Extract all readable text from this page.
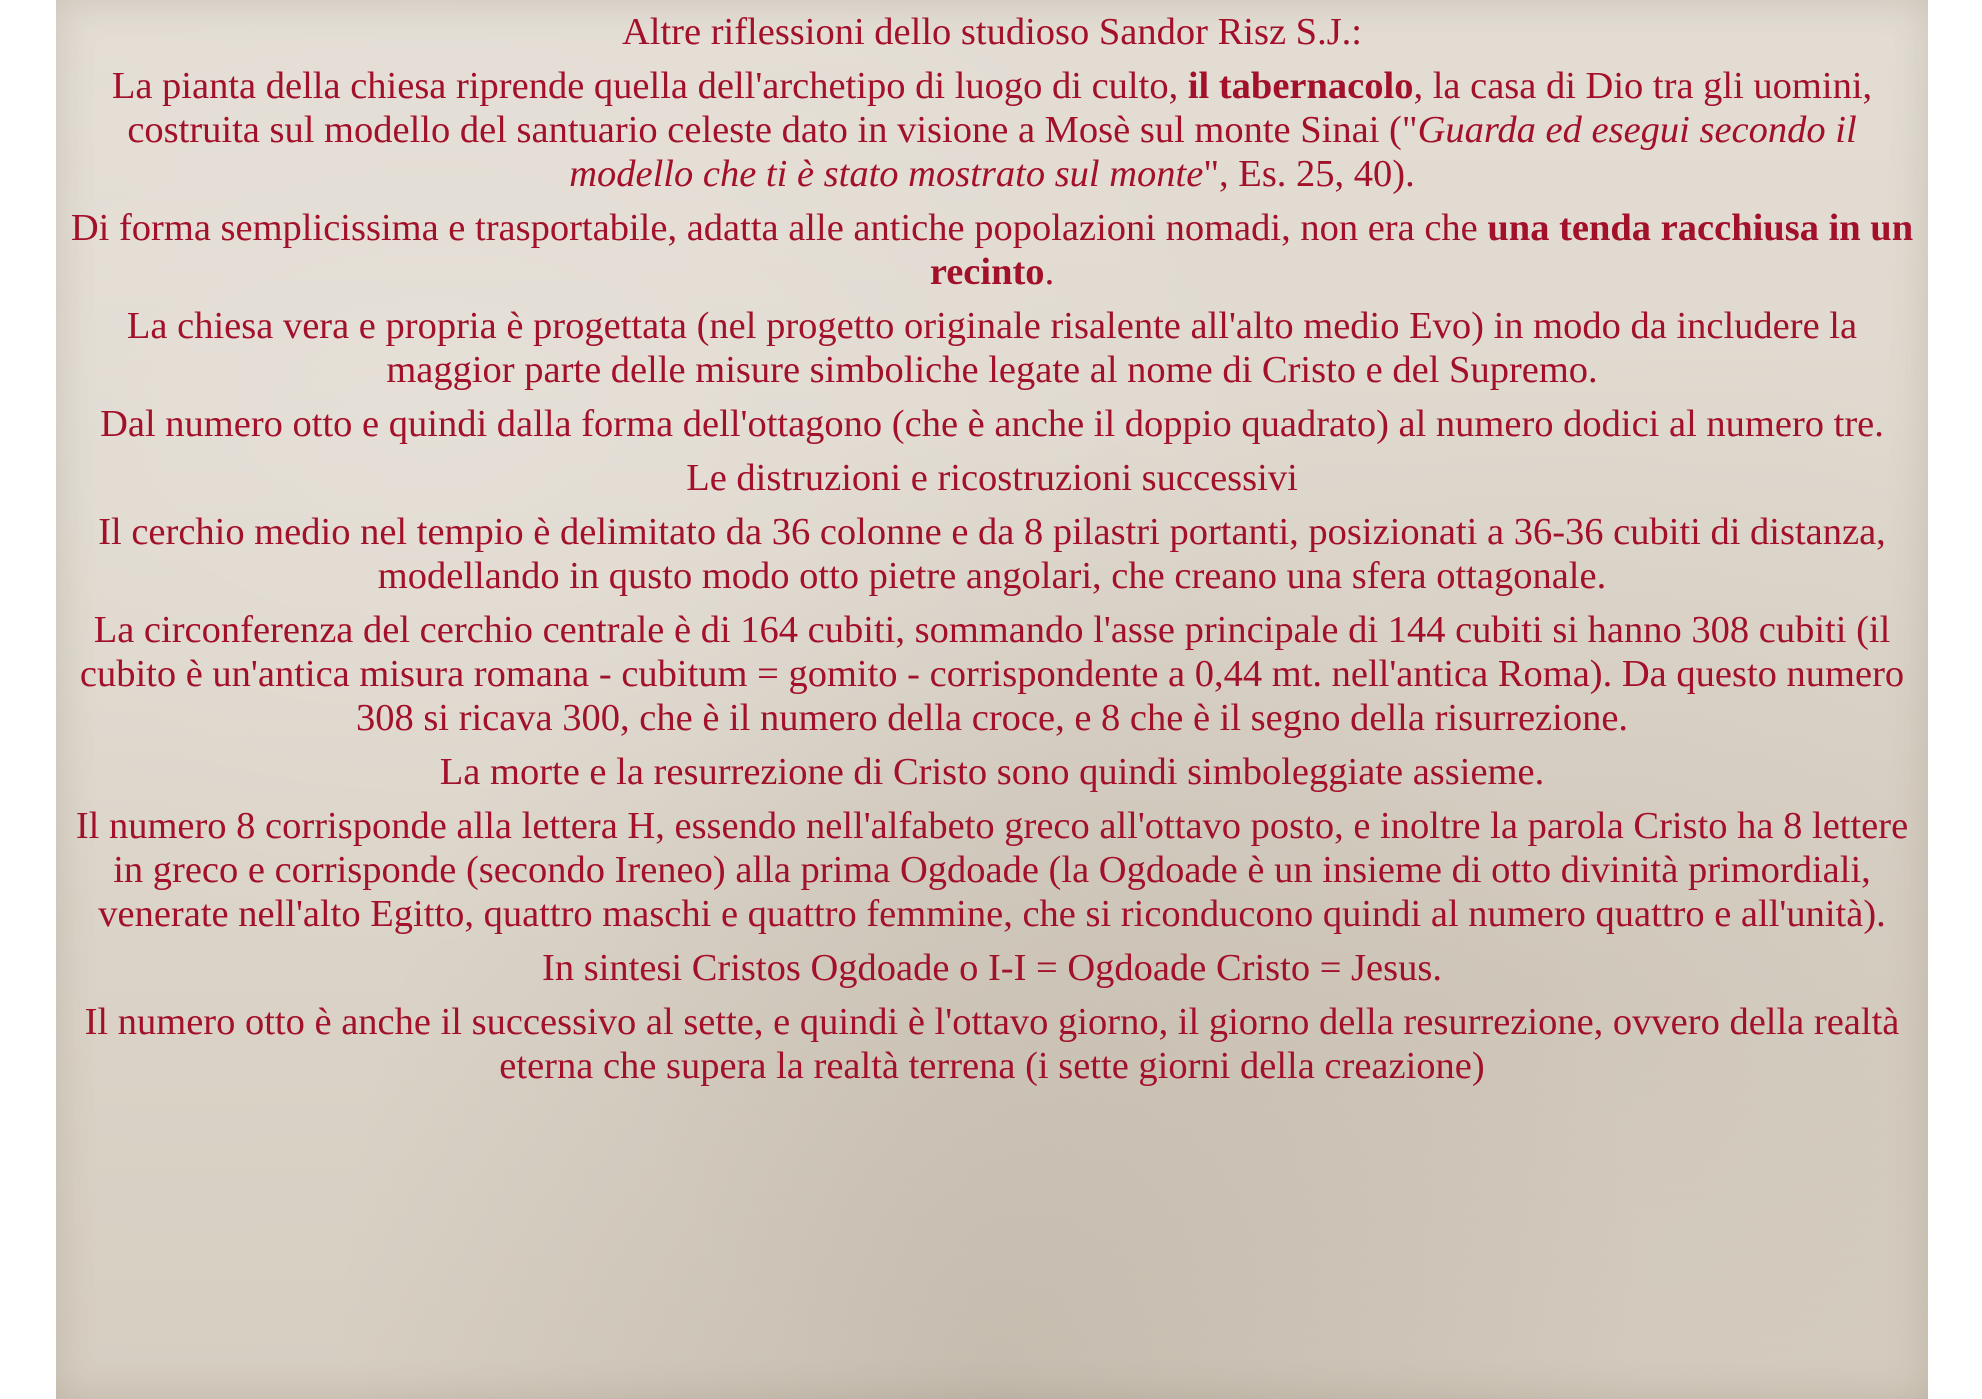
Altre riflessioni dello studioso Sandor Risz S.J.:

La pianta della chiesa riprende quella dell'archetipo di luogo di culto, il tabernacolo, la casa di Dio tra gli uomini, costruita sul modello del santuario celeste dato in visione a Mosè sul monte Sinai ("Guarda ed esegui secondo il modello che ti è stato mostrato sul monte", Es. 25, 40).

Di forma semplicissima e trasportabile, adatta alle antiche popolazioni nomadi, non era che una tenda racchiusa in un recinto.

La chiesa vera e propria è progettata (nel progetto originale risalente all'alto medio Evo) in modo da includere la maggior parte delle misure simboliche legate al nome di Cristo e del Supremo.

Dal numero otto e quindi dalla forma dell'ottagono (che è anche il doppio quadrato) al numero dodici al numero tre.

Le distruzioni e ricostruzioni successivi

Il cerchio medio nel tempio è delimitato da 36 colonne e da 8 pilastri portanti, posizionati a 36-36 cubiti di distanza, modellando in qusto modo otto pietre angolari, che creano una sfera ottagonale.

La circonferenza del cerchio centrale è di 164 cubiti, sommando l'asse principale di 144 cubiti si hanno 308 cubiti (il cubito è un'antica misura romana - cubitum = gomito - corrispondente a 0,44 mt. nell'antica Roma). Da questo numero 308 si ricava 300, che è il numero della croce, e 8 che è il segno della risurrezione.

La morte e la resurrezione di Cristo sono quindi simboleggiate assieme.

Il numero 8 corrisponde alla lettera H, essendo nell'alfabeto greco all'ottavo posto, e inoltre la parola Cristo ha 8 lettere in greco e corrisponde (secondo Ireneo) alla prima Ogdoade (la Ogdoade è un insieme di otto divinità primordiali, venerate nell'alto Egitto, quattro maschi e quattro femmine, che si riconducono quindi al numero quattro e all'unità).

In sintesi Cristos Ogdoade o I-I = Ogdoade Cristo = Jesus.

Il numero otto è anche il successivo al sette, e quindi è l'ottavo giorno, il giorno della resurrezione, ovvero della realtà eterna che supera la realtà terrena (i sette giorni della creazione)
